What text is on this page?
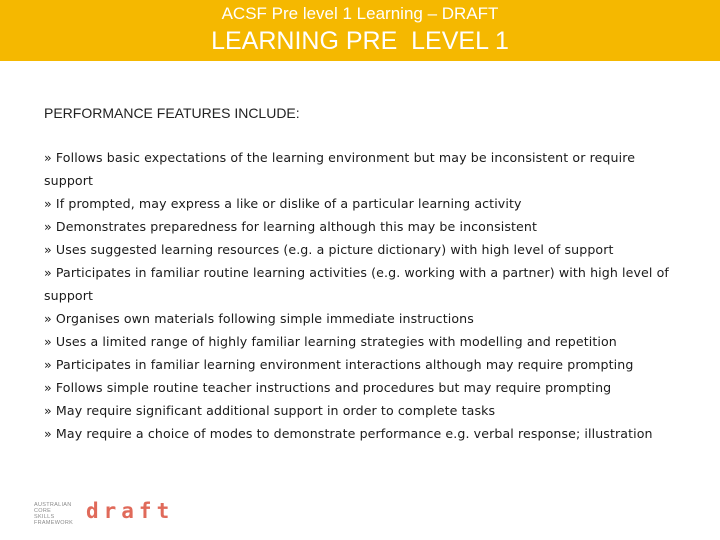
ACSF Pre level 1 Learning – DRAFT
LEARNING PRE  LEVEL 1
PERFORMANCE FEATURES INCLUDE:
» Follows basic expectations of the learning environment but may be inconsistent or require
support
» If prompted, may express a like or dislike of a particular learning activity
» Demonstrates preparedness for learning although this may be inconsistent
» Uses suggested learning resources (e.g. a picture dictionary) with high level of support
» Participates in familiar routine learning activities (e.g. working with a partner) with high level of
support
» Organises own materials following simple immediate instructions
» Uses a limited range of highly familiar learning strategies with modelling and repetition
» Participates in familiar learning environment interactions although may require prompting
» Follows simple routine teacher instructions and procedures but may require prompting
» May require significant additional support in order to complete tasks
» May require a choice of modes to demonstrate performance e.g. verbal response; illustration
AUSTRALIAN
CORE
SKILLS
FRAMEWORK draft
